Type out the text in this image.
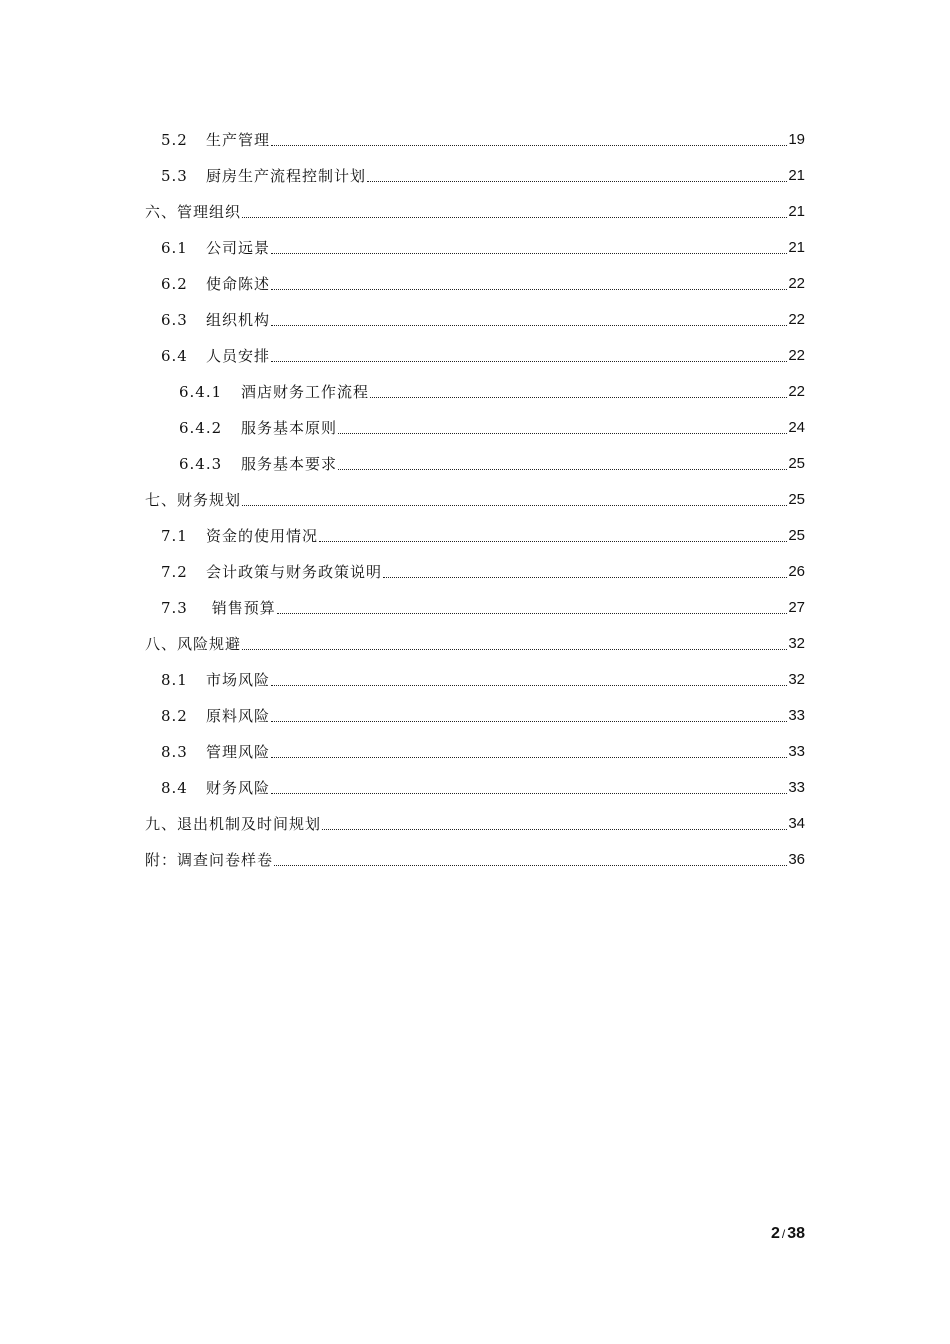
5.2	生产管理	19
5.3	厨房生产流程控制计划	21
六、管理组织	21
6.1	公司远景	21
6.2	使命陈述	22
6.3	组织机构	22
6.4	人员安排	22
6.4.1	酒店财务工作流程	22
6.4.2	服务基本原则	24
6.4.3	服务基本要求	25
七、财务规划	25
7.1	资金的使用情况	25
7.2	会计政策与财务政策说明	26
7.3	销售预算	27
八、风险规避	32
8.1	市场风险	32
8.2	原料风险	33
8.3	管理风险	33
8.4	财务风险	33
九、退出机制及时间规划	34
附：调查问卷样卷	36
2 / 38
